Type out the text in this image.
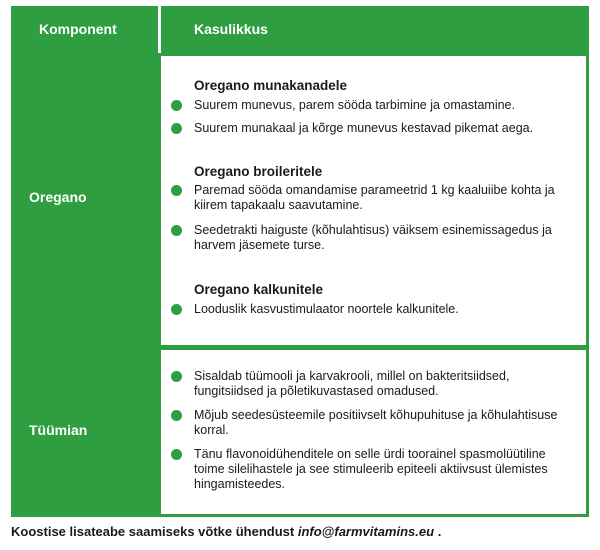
Komponent	Kasulikkus
Oregano
Oregano munakanadele
Suurem munevus, parem sööda tarbimine ja omastamine.
Suurem munakaal ja kõrge munevus kestavad pikemat aega.
Oregano broileritele
Paremad sööda omandamise parameetrid 1 kg kaaluiibe kohta ja kiirem tapakaalu saavutamine.
Seedetrakti haiguste (kõhulahtisus) väiksem esinemissagedus ja harvem jäsemete turse.
Oregano kalkunitele
Looduslik kasvustimulaator noortele kalkunitele.
Tüümian
Sisaldab tüümooli ja karvakrooli, millel on bakteritsiidsed, fungitsiidsed ja põletikuvastased omadused.
Mõjub seedesüsteemile positiivselt kõhupuhituse ja kõhulahtisuse korral.
Tänu flavonoidühenditele on selle ürdi toorainel spasmolüütiline toime silelihastele ja see stimuleerib epiteeli aktiivsust ülemistes hingamisteedes.
Koostise lisateabe saamiseks võtke ühendust info@farmvitamins.eu .
